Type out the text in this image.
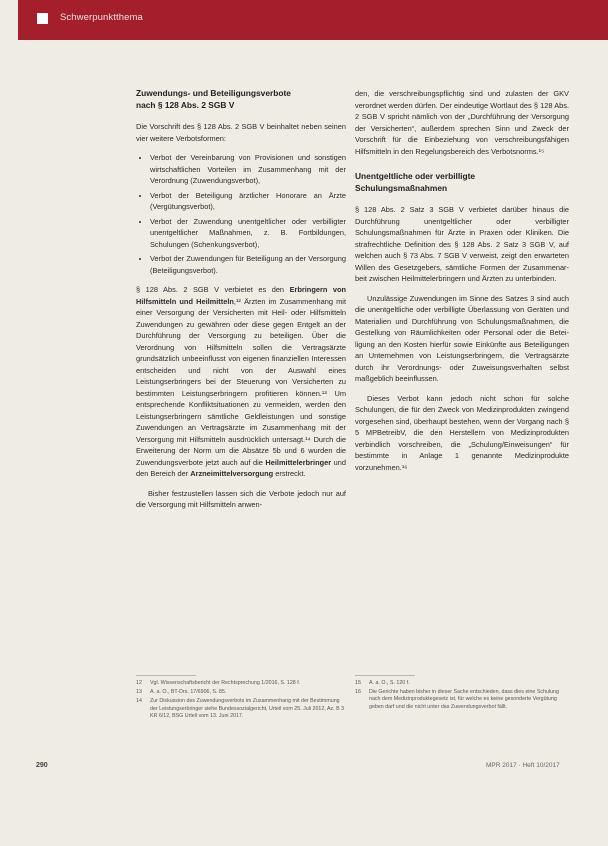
Schwerpunktthema
Zuwendungs- und Beteiligungsverbote
nach § 128 Abs. 2 SGB V

Die Vorschrift des § 128 Abs. 2 SGB V beinhaltet neben seinen vier weitere Verbotsformen:

• Verbot der Vereinbarung von Provisionen und sonstigen wirtschaftlichen Vorteilen im Zusammenhang mit der Verordnung (Zuwendungsverbot),
• Verbot der Beteiligung ärztlicher Honorare an Ärzte (Vergütungsverbot),
• Verbot der Zuwendung unentgeltlicher oder verbilligter unentgeltlicher Maßnahmen, z. B. Fortbildungen, Schulungen (Schenkungsverbot),
• Verbot der Zuwendungen für Beteiligung an der Versorgung (Beteiligungsverbot).

§ 128 Abs. 2 SGB V verbietet es den Erbringern von Hilfsmitteln und Heilmitteln,¹² Ärzten im Zusammenhang mit einer Versorgung der Versicherten mit Heil- oder Hilfsmitteln Zuwendungen zu gewähren oder diese gegen Entgelt an der Durchführung der Versorgung zu beteiligen. Über die Verordnung von Hilfsmitteln sollen die Vertragsärzte grundsätzlich unbeeinflusst von eigenen finanziellen Interessen entscheiden und nicht von der Auswahl eines Leistungserbringers bei der Steuerung von Versicherten zu bestimmten Leistungserbringern profitieren können.¹³ Um entsprechende Konfliktsituationen zu vermeiden, werden den Leistungserbringern sämtliche Geldleistungen und sonstige Zuwendungen an Vertragsärzte im Zusammenhang mit der Versorgung mit Hilfsmitteln ausdrücklich untersagt.¹⁴ Durch die Erweiterung der Norm um die Absätze 5b und 6 wurden die Zuwendungsverbote jetzt auch auf die Heilmittelerbringer und den Bereich der Arzneimittelversorgung erstreckt.

Bisher festzustellen lassen sich die Verbote jedoch nur auf die Versorgung mit Hilfsmitteln anwen-

den, die verschreibungspflichtig sind und zulasten der GKV verordnet werden dürfen. Der eindeutige Wortlaut des § 128 Abs. 2 SGB V spricht nämlich von der „Durchführung der Versorgung der Versicherten“, außerdem sprechen Sinn und Zweck der Vorschrift für die Einbeziehung von verschreibungsfähigen Hilfsmitteln in den Regelungsbereich des Verbotsnorms.¹⁵

Unentgeltliche oder verbilligte
Schulungsmaßnahmen

§ 128 Abs. 2 Satz 3 SGB V verbietet darüber hinaus die Durchführung unentgeltlicher oder verbilligter Schulungsmaßnahmen für Ärzte in Praxen oder Kliniken. Die strafrechtliche Definition des § 128 Abs. 2 Satz 3 SGB V, auf welchen auch § 73 Abs. 7 SGB V verweist, zeigt den erwarteten Willen des Gesetzgebers, sämtliche Formen der Zusammenarbeit zwischen Heilmittelerbringern und Ärzten zu unterbinden.

Unzulässige Zuwendungen im Sinne des Satzes 3 sind auch die unentgeltliche oder verbilligte Überlassung von Geräten und Materialien und Durchführung von Schulungsmaßnahmen, die Gestellung von Räumlichkeiten oder Personal oder die Beteiligung an den Kosten hierfür sowie Einkünfte aus Beteiligungen an Unternehmen von Leistungserbringern, die Vertragsärzte durch ihr Verordnungs- oder Zuweisungsverhalten selbst maßgeblich beeinflussen.

Dieses Verbot kann jedoch nicht schon für solche Schulungen, die für den Zweck von Medizinprodukten zwingend vorgesehen sind, überhaupt bestehen, wenn der Vorgang nach § 5 MPBetreibV, die den Herstellern von Medizinprodukten verbindlich vorschreiben, die „Schulung/Einweisungen“ für bestimmte in Anlage 1 genannte Medizinprodukte vorzunehmen.¹⁶

12	Vgl. Wissenschaftsbericht der Rechtsprechung 1/2016, S. 128 f.
13	A. a. O., BT-Drs. 17/6906, S. 85.
14	Zur Diskussion des Zuwendungsverbots im Zusammenhang mit der Bestimmung der Leistungserbringer siehe Bundessozialgericht, Urteil vom 25. Juli 2012, Az. B 3 KR 6/12, BSG Urteil vom 13. Juni 2017.
15	A. a. O., S. 120 f.
16	Die Gerichte haben bisher in dieser Sache entschieden, dass dies eine Schulung nach dem Medizinproduktegesetz ist, für welche es keine gesonderte Vergütung geben darf und die nicht unter das Zuwendungsverbot fällt.
290	MPR 2017 · Heft 10/2017
